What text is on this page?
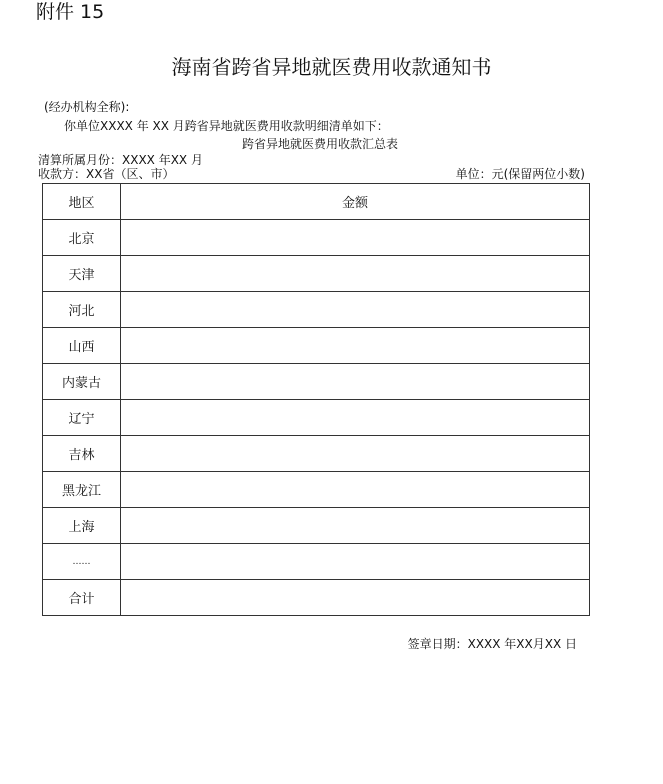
附件 15
海南省跨省异地就医费用收款通知书
(经办机构全称):
你单位XXXX 年 XX 月跨省异地就医费用收款明细清单如下：
跨省异地就医费用收款汇总表
清算所属月份：XXXX 年XX 月
收款方：XX省（区、市）	单位：元(保留两位小数)
地区	金额
北京	
天津	
河北	
山西	
内蒙古	
辽宁	
吉林	
黑龙江	
上海	
……	
合计	
签章日期：XXXX 年XX月XX 日
